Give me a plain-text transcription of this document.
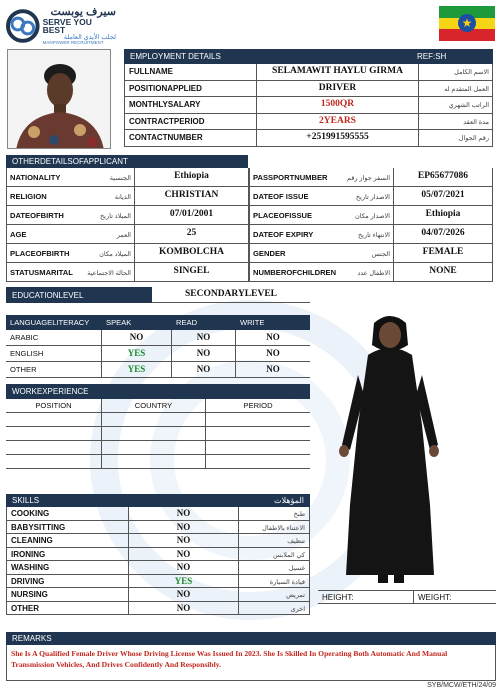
سيرف يوبست
SERVE YOU BEST
لجلب الأيدي العاملة
MANPOWER RECRUITMENT
★
EMPLOYMENT DETAILS	REF:SH
FULLNAME	SELAMAWIT HAYLU GIRMA	الاسم الكامل
POSITIONAPPLIED	DRIVER	العمل المتقدم له
MONTHLYSALARY	1500QR	الراتب الشهري
CONTRACTPERIOD	2YEARS	مدة العقد
CONTACTNUMBER	+251991595555	رقم الجوال
OTHERDETAILSOFAPPLICANT
NATIONALITY	الجنسية	Ethiopia
RELIGION	الديانة	CHRISTIAN
DATEOFBIRTH	الميلاد تاريخ	07/01/2001
AGE	العمر	25
PLACEOFBIRTH	الميلاد مكان	KOMBOLCHA
STATUSMARITAL	الحالة الاجتماعية	SINGEL
PASSPORTNUMBER	السفر جواز رقم	EP65677086
DATEOF ISSUE	الاصدار تاريخ	05/07/2021
PLACEOFISSUE	الاصدار مكان	Ethiopia
DATEOF EXPIRY	الانتهاء تاريخ	04/07/2026
GENDER	الجنس	FEMALE
NUMBEROFCHILDREN	الاطفال عدد	NONE
EDUCATIONLEVEL	SECONDARYLEVEL
LANGUAGELITERACY	SPEAK	READ	WRITE
ARABIC	NO	NO	NO
ENGLISH	YES	NO	NO
OTHER	YES	NO	NO
WORKEXPERIENCE
POSITION	COUNTRY	PERIOD
SKILLS	المؤهلات
COOKING	NO	طبخ
BABYSITTING	NO	الاعتناء بالاطفال
CLEANING	NO	تنظيف
IRONING	NO	كي الملابس
WASHING	NO	غسيل
DRIVING	YES	قيادة السيارة
NURSING	NO	تمريض
OTHER	NO	اخرى
HEIGHT:	WEIGHT:
REMARKS
She Is A Qualified Female Driver Whose Driving License Was Issued In 2023. She Is Skilled In Operating Both Automatic And Manual Transmission Vehicles, And Drives Confidently And Responsibly.
SYB/MCW/ETH/24/09
